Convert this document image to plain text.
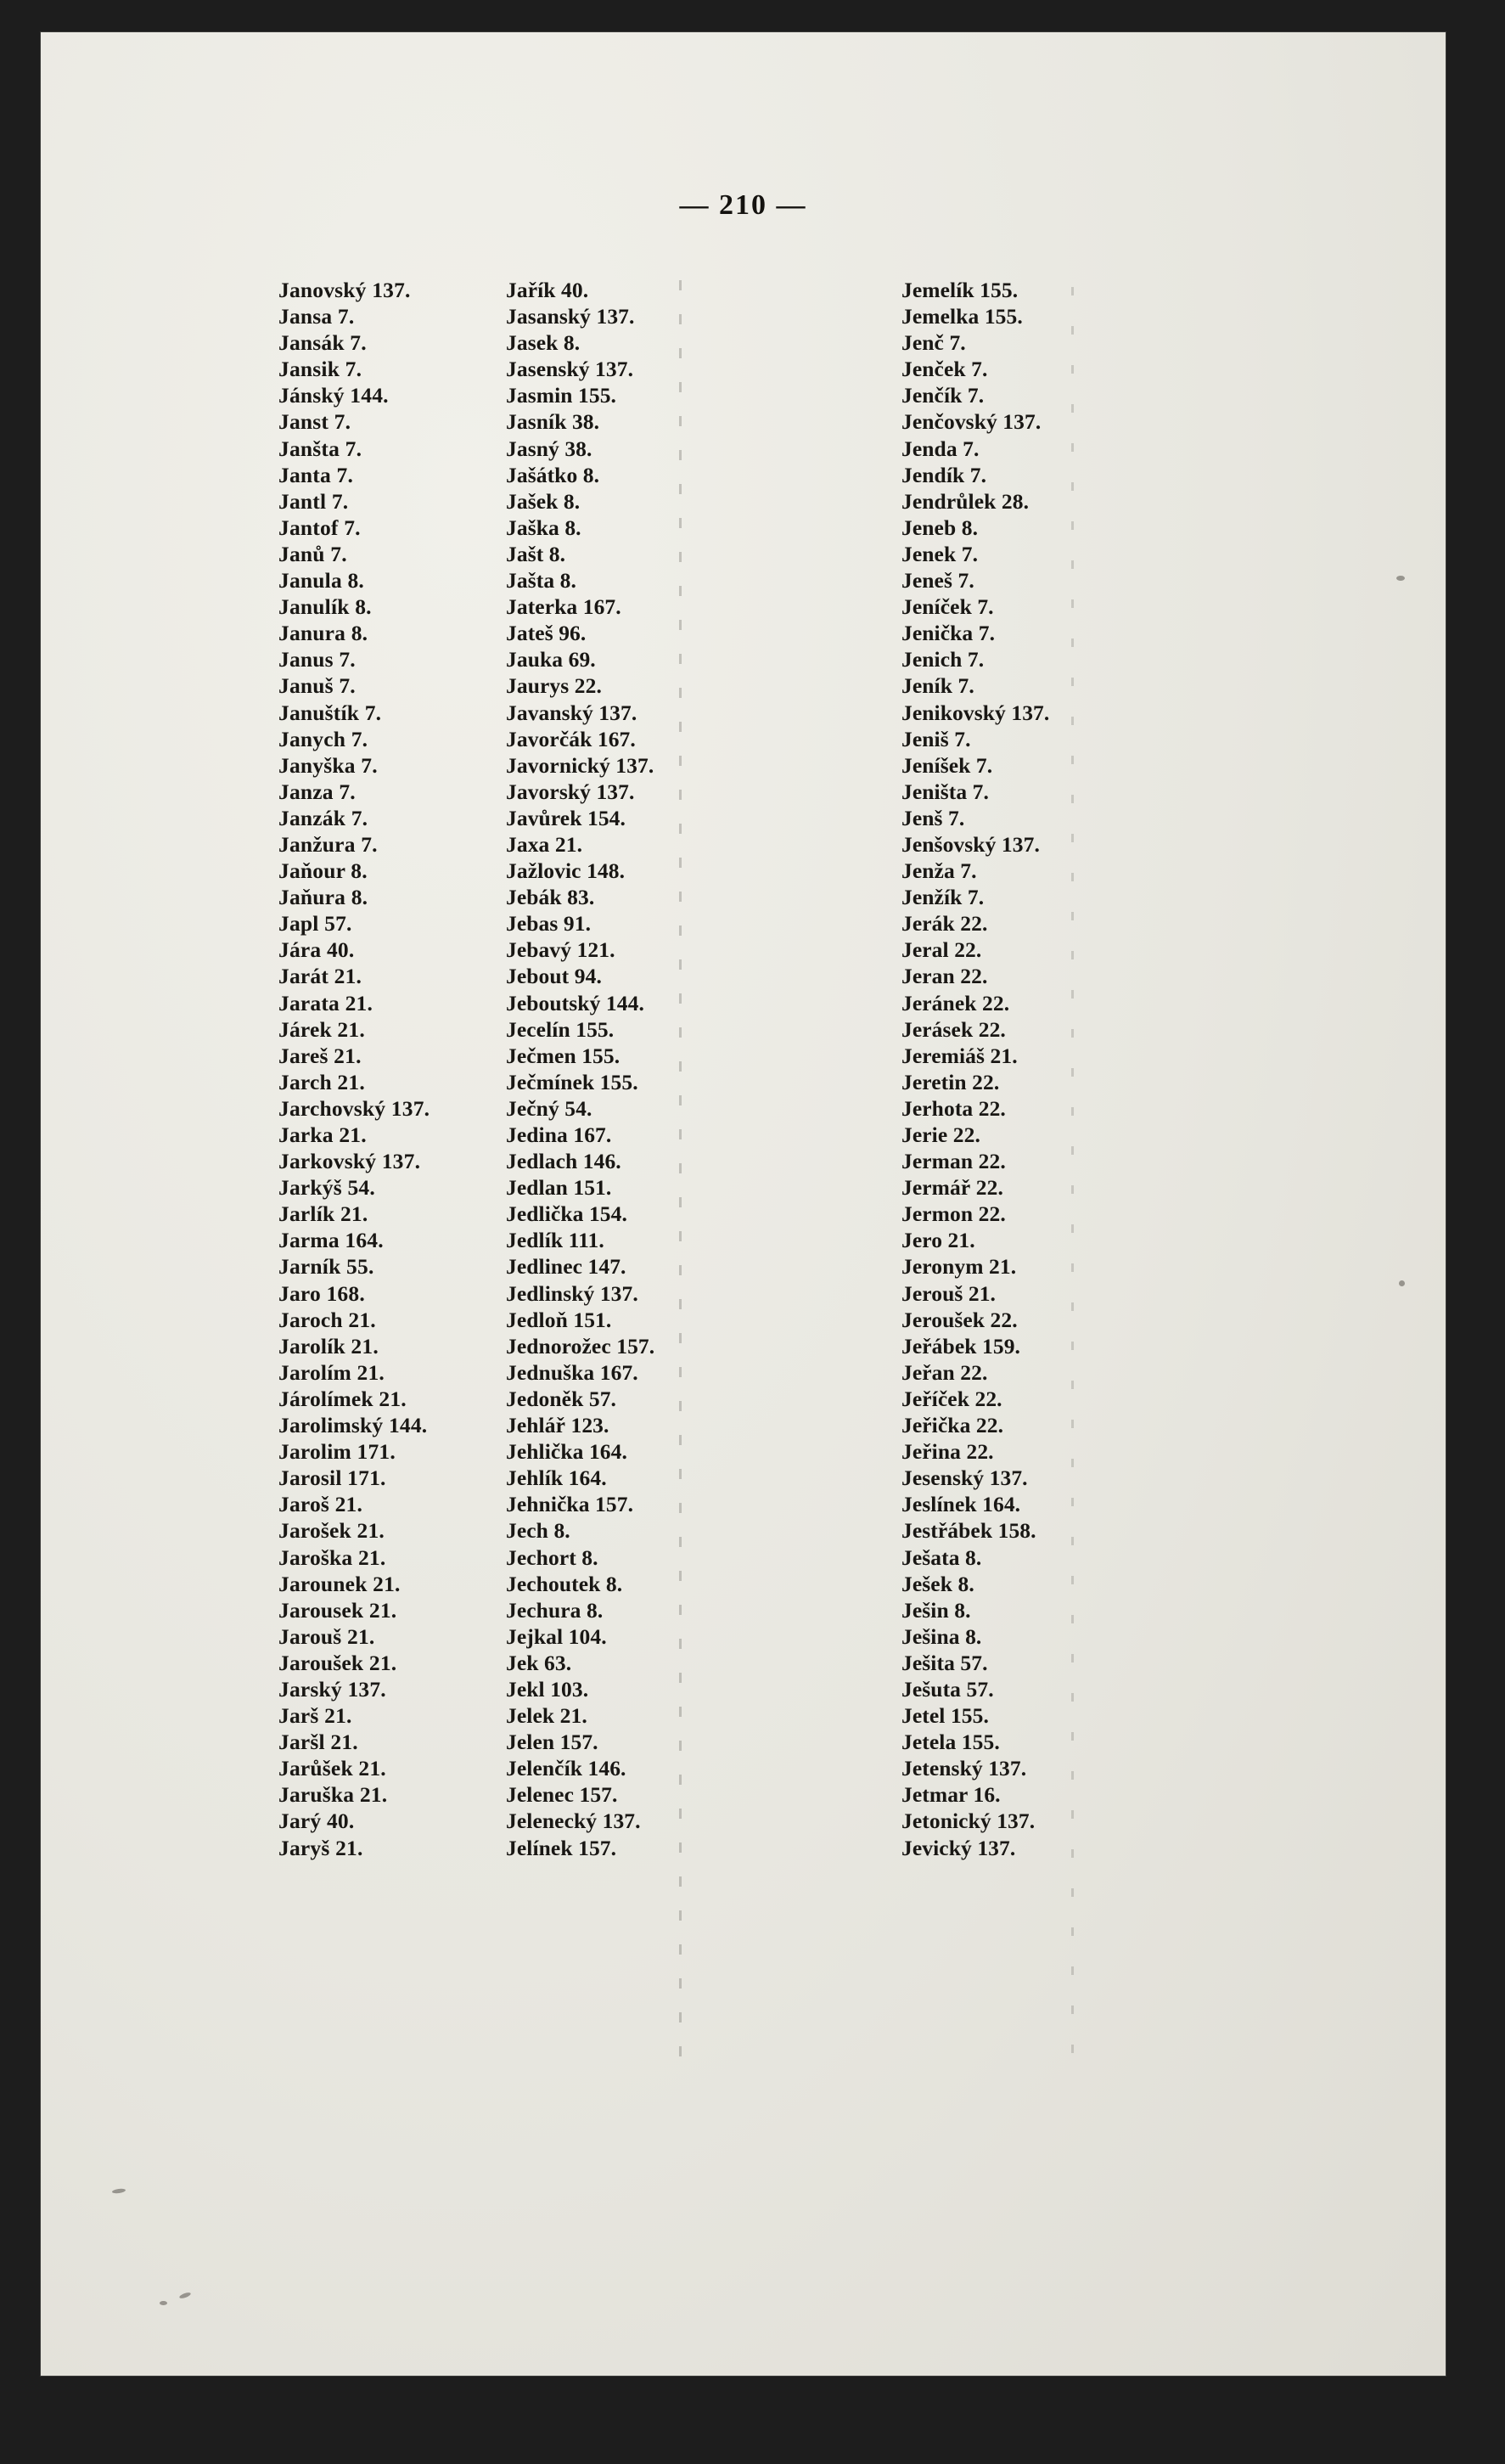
— 210 —
Janovský 137.
Jansa 7.
Jansák 7.
Jansik 7.
Jánský 144.
Janst 7.
Janšta 7.
Janta 7.
Jantl 7.
Jantof 7.
Janů 7.
Janula 8.
Janulík 8.
Janura 8.
Janus 7.
Januš 7.
Januštík 7.
Janych 7.
Janyška 7.
Janza 7.
Janzák 7.
Janžura 7.
Jaňour 8.
Jaňura 8.
Japl 57.
Jára 40.
Jarát 21.
Jarata 21.
Járek 21.
Jareš 21.
Jarch 21.
Jarchovský 137.
Jarka 21.
Jarkovský 137.
Jarkýš 54.
Jarlík 21.
Jarma 164.
Jarník 55.
Jaro 168.
Jaroch 21.
Jarolík 21.
Jarolím 21.
Járolímek 21.
Jarolimský 144.
Jarolim 171.
Jarosil 171.
Jaroš 21.
Jarošek 21.
Jaroška 21.
Jarounek 21.
Jarousek 21.
Jarouš 21.
Jaroušek 21.
Jarský 137.
Jarš 21.
Jaršl 21.
Jarůšek 21.
Jaruška 21.
Jarý 40.
Jaryš 21.
Jařík 40.
Jasanský 137.
Jasek 8.
Jasenský 137.
Jasmin 155.
Jasník 38.
Jasný 38.
Jašátko 8.
Jašek 8.
Jaška 8.
Jašt 8.
Jašta 8.
Jaterka 167.
Jateš 96.
Jauka 69.
Jaurys 22.
Javanský 137.
Javorčák 167.
Javornický 137.
Javorský 137.
Javůrek 154.
Jaxa 21.
Jažlovic 148.
Jebák 83.
Jebas 91.
Jebavý 121.
Jebout 94.
Jeboutský 144.
Jecelín 155.
Ječmen 155.
Ječmínek 155.
Ječný 54.
Jedina 167.
Jedlach 146.
Jedlan 151.
Jedlička 154.
Jedlík 111.
Jedlinec 147.
Jedlinský 137.
Jedloň 151.
Jednorožec 157.
Jednuška 167.
Jedoněk 57.
Jehlář 123.
Jehlička 164.
Jehlík 164.
Jehnička 157.
Jech 8.
Jechort 8.
Jechoutek 8.
Jechura 8.
Jejkal 104.
Jek 63.
Jekl 103.
Jelek 21.
Jelen 157.
Jelenčík 146.
Jelenec 157.
Jelenecký 137.
Jelínek 157.
Jemelík 155.
Jemelka 155.
Jenč 7.
Jenček 7.
Jenčík 7.
Jenčovský 137.
Jenda 7.
Jendík 7.
Jendrůlek 28.
Jeneb 8.
Jenek 7.
Jeneš 7.
Jeníček 7.
Jenička 7.
Jenich 7.
Jeník 7.
Jenikovský 137.
Jeniš 7.
Jeníšek 7.
Jeništa 7.
Jenš 7.
Jenšovský 137.
Jenža 7.
Jenžík 7.
Jerák 22.
Jeral 22.
Jeran 22.
Jeránek 22.
Jerásek 22.
Jeremiáš 21.
Jeretin 22.
Jerhota 22.
Jerie 22.
Jerman 22.
Jermář 22.
Jermon 22.
Jero 21.
Jeronym 21.
Jerouš 21.
Jeroušek 22.
Jeřábek 159.
Jeřan 22.
Jeříček 22.
Jeřička 22.
Jeřina 22.
Jesenský 137.
Jeslínek 164.
Jestřábek 158.
Ješata 8.
Ješek 8.
Ješin 8.
Ješina 8.
Ješita 57.
Ješuta 57.
Jetel 155.
Jetela 155.
Jetenský 137.
Jetmar 16.
Jetonický 137.
Jevický 137.
